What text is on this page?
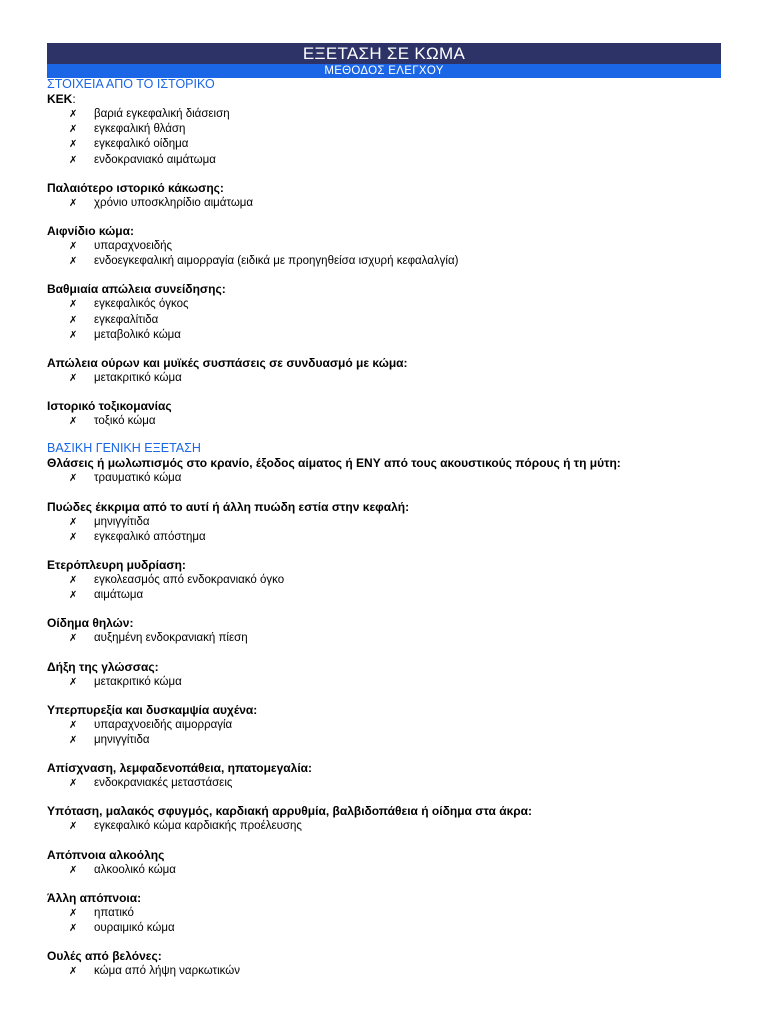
ΕΞΕΤΑΣΗ ΣΕ ΚΩΜΑ
ΜΕΘΟΔΟΣ ΕΛΕΓΧΟΥ
ΣΤΟΙΧΕΙΑ ΑΠΟ ΤΟ ΙΣΤΟΡΙΚΟ
ΚΕΚ:
✗ βαριά εγκεφαλική διάσειση
✗ εγκεφαλική θλάση
✗ εγκεφαλικό οίδημα
✗ ενδοκρανιακό αιμάτωμα
Παλαιότερο ιστορικό κάκωσης:
✗ χρόνιο υποσκληρίδιο αιμάτωμα
Αιφνίδιο κώμα:
✗ υπαραχνοειδής
✗ ενδοεγκεφαλική αιμορραγία (ειδικά με προηγηθείσα ισχυρή κεφαλαλγία)
Βαθμιαία απώλεια συνείδησης:
✗ εγκεφαλικός όγκος
✗ εγκεφαλίτιδα
✗ μεταβολικό κώμα
Απώλεια ούρων και μυϊκές συσπάσεις σε συνδυασμό με κώμα:
✗ μετακριτικό κώμα
Ιστορικό τοξικομανίας
✗ τοξικό κώμα
ΒΑΣΙΚΗ ΓΕΝΙΚΗ ΕΞΕΤΑΣΗ
Θλάσεις ή μωλωπισμός στο κρανίο, έξοδος αίματος ή ΕΝΥ από τους ακουστικούς πόρους ή τη μύτη:
✗ τραυματικό κώμα
Πυώδες έκκριμα από το αυτί ή άλλη πυώδη εστία στην κεφαλή:
✗ μηνιγγίτιδα
✗ εγκεφαλικό απόστημα
Ετερόπλευρη μυδρίαση:
✗ εγκολεασμός από ενδοκρανιακό όγκο
✗ αιμάτωμα
Οίδημα θηλών:
✗ αυξημένη ενδοκρανιακή πίεση
Δήξη της γλώσσας:
✗ μετακριτικό κώμα
Υπερπυρεξία και δυσκαμψία αυχένα:
✗ υπαραχνοειδής αιμορραγία
✗ μηνιγγίτιδα
Απίσχναση, λεμφαδενοπάθεια, ηπατομεγαλία:
✗ ενδοκρανιακές μεταστάσεις
Υπόταση, μαλακός σφυγμός, καρδιακή αρρυθμία, βαλβιδοπάθεια ή οίδημα στα άκρα:
✗ εγκεφαλικό κώμα καρδιακής προέλευσης
Απόπνοια αλκοόλης
✗ αλκοολικό κώμα
Άλλη απόπνοια:
✗ ηπατικό
✗ ουραιμικό κώμα
Ουλές από βελόνες:
✗ κώμα από λήψη ναρκωτικών
